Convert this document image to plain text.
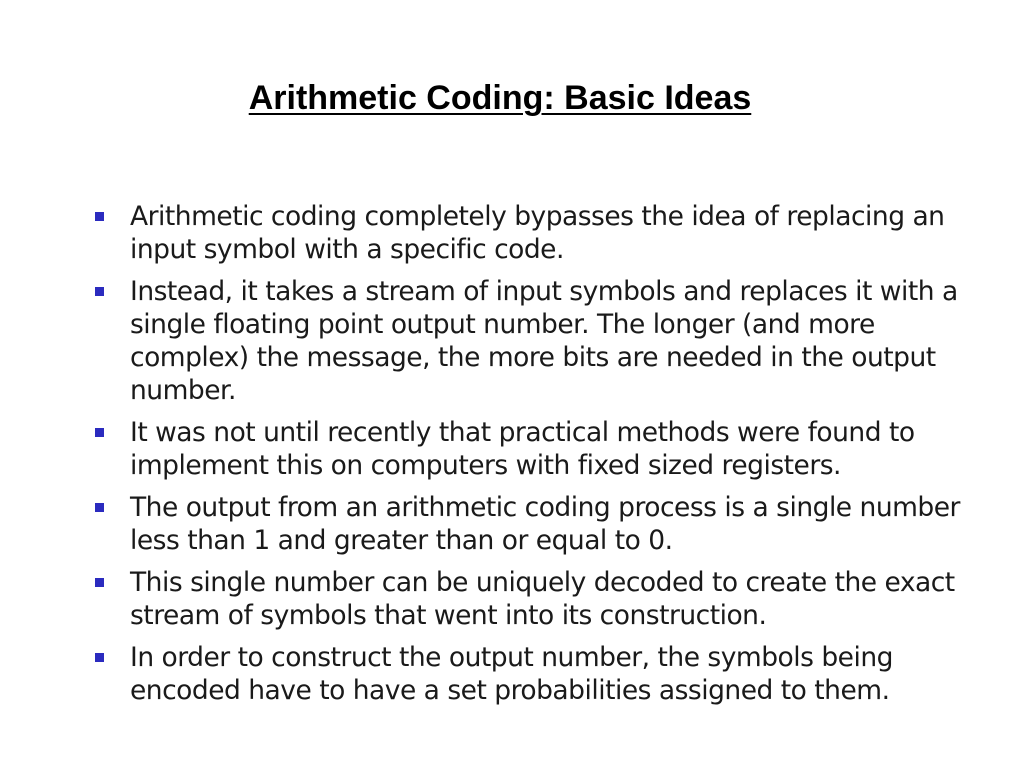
Arithmetic Coding: Basic Ideas
Arithmetic coding completely bypasses the idea of replacing an input symbol with a specific code.
Instead, it takes a stream of input symbols and replaces it with a single floating point output number. The longer (and more complex) the message, the more bits are needed in the output number.
It was not until recently that practical methods were found to implement this on computers with fixed sized registers.
The output from an arithmetic coding process is a single number less than 1 and greater than or equal to 0.
This single number can be uniquely decoded to create the exact stream of symbols that went into its construction.
In order to construct the output number, the symbols being encoded have to have a set probabilities assigned to them.
